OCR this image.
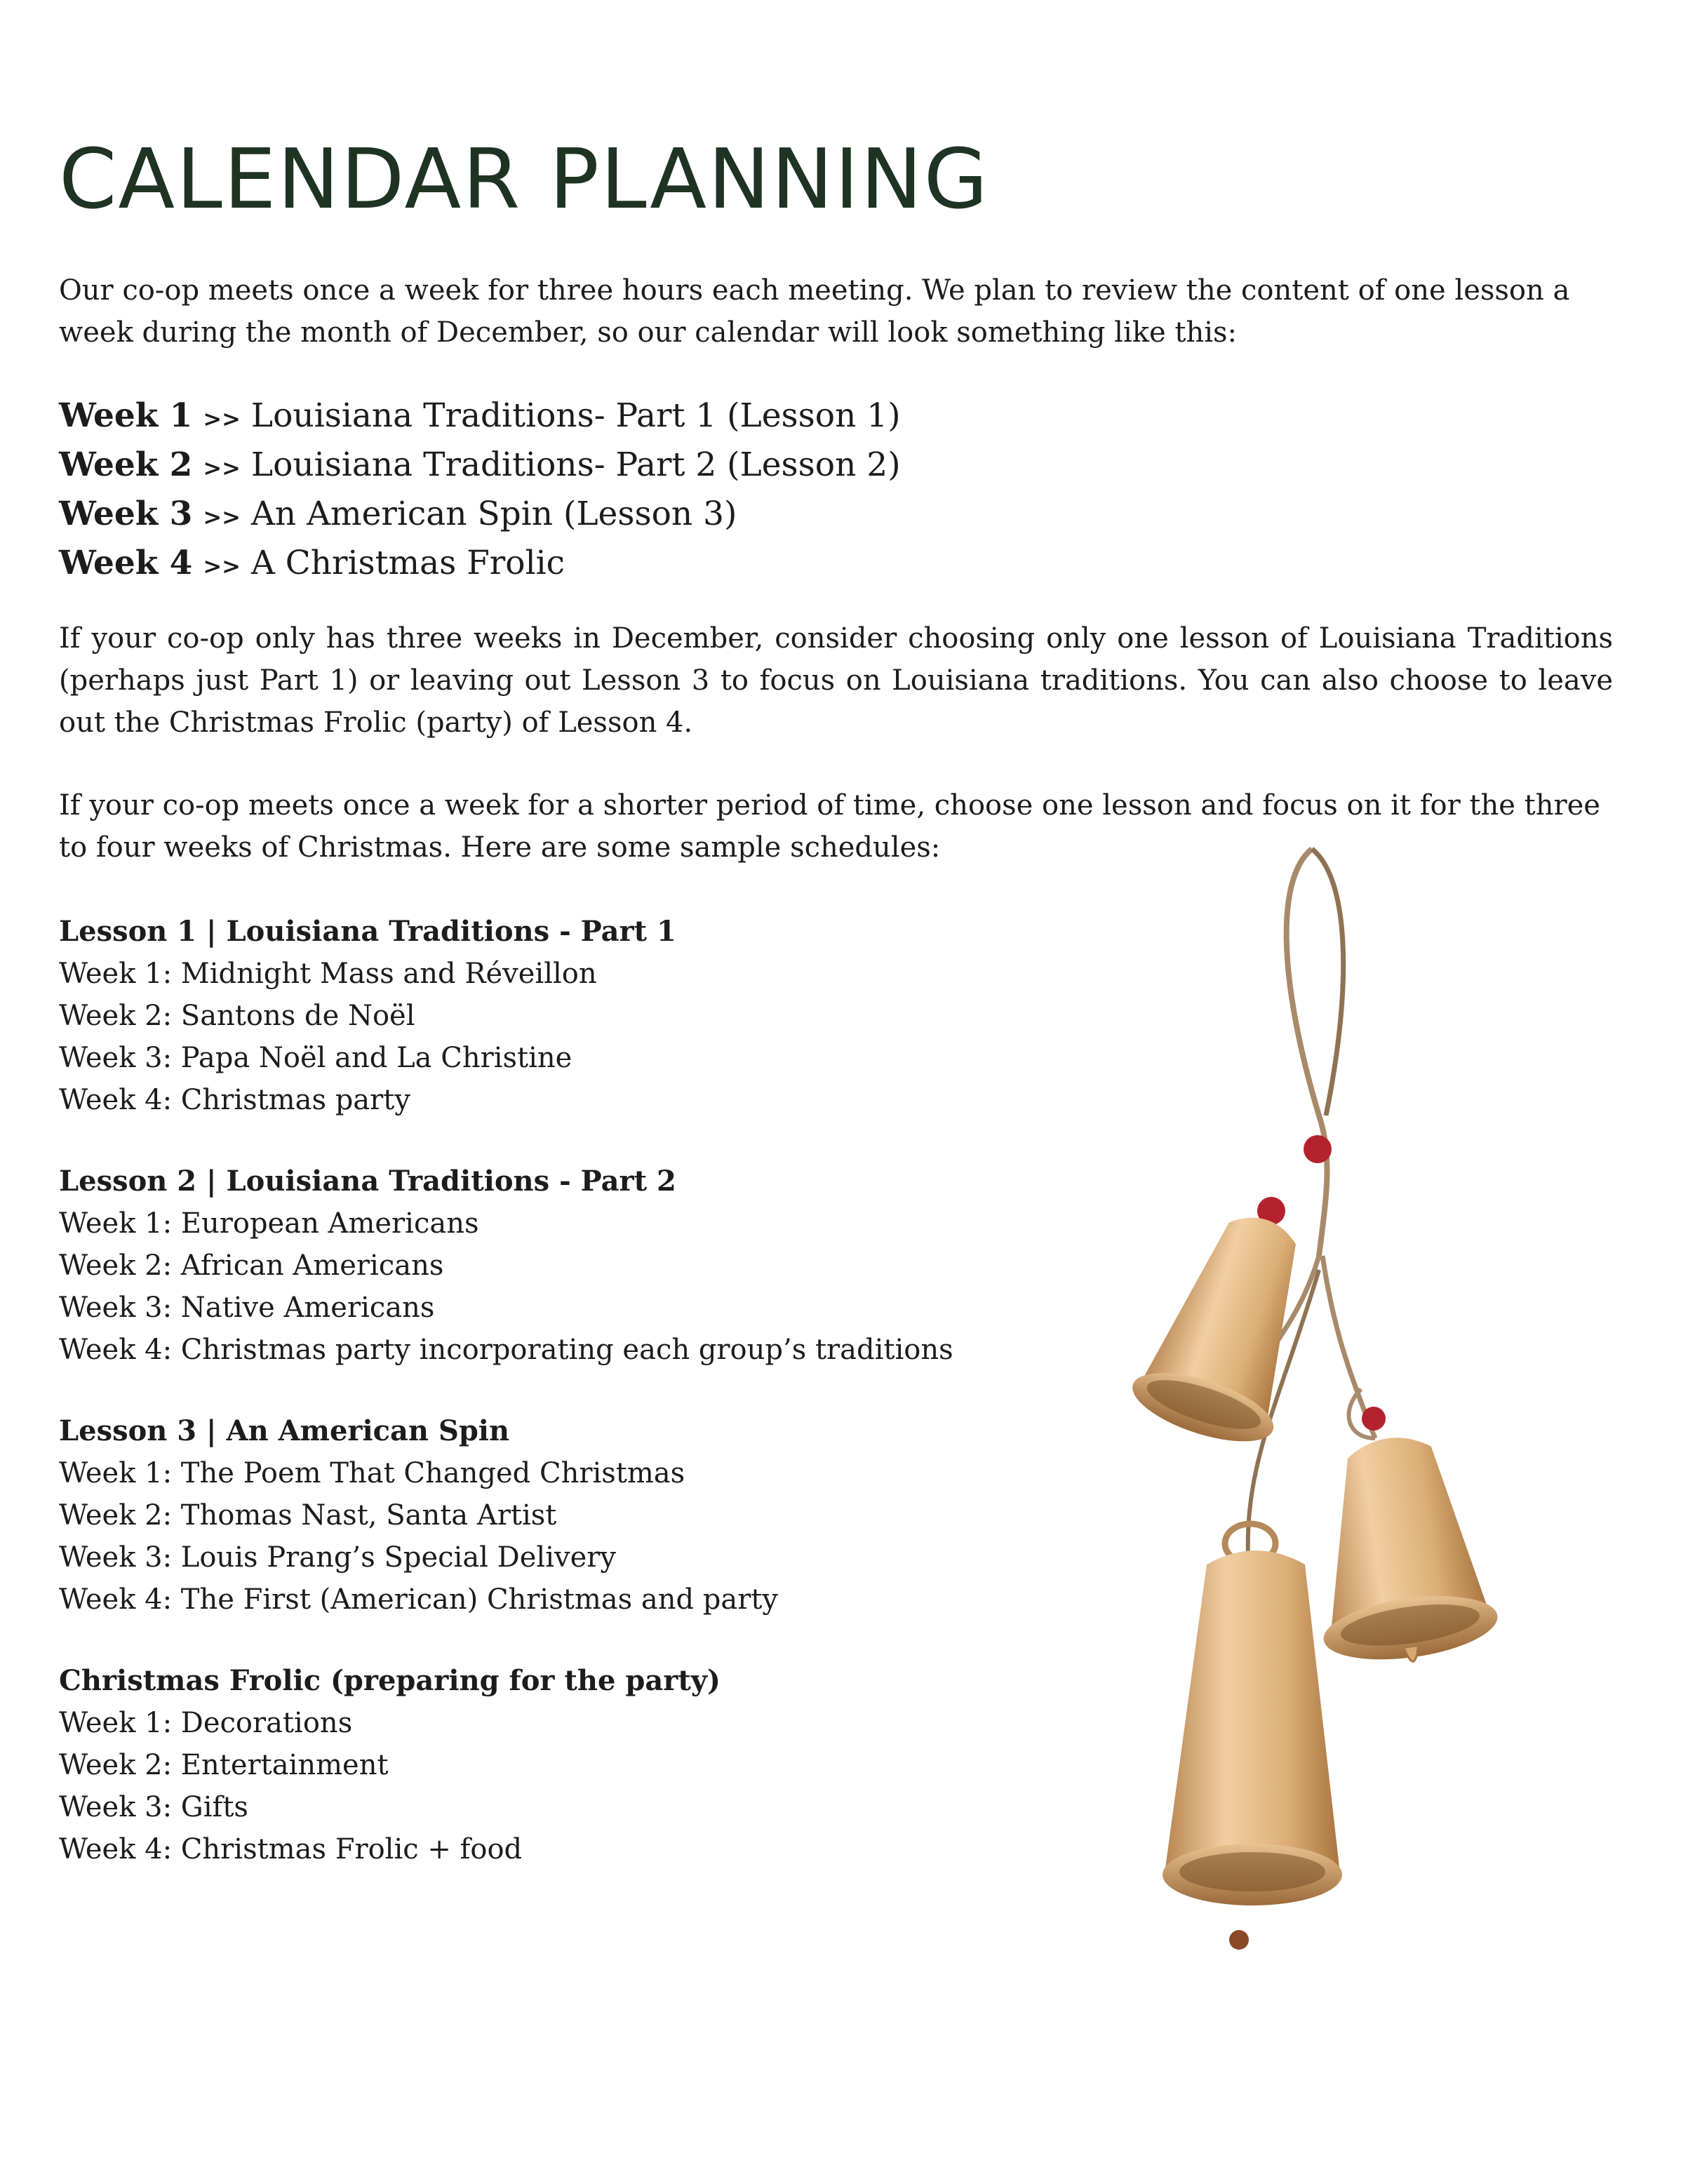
CALENDAR PLANNING

Our co-op meets once a week for three hours each meeting. We plan to review the content of one lesson a week during the month of December, so our calendar will look something like this:

Week 1 >> Louisiana Traditions- Part 1 (Lesson 1)
Week 2 >> Louisiana Traditions- Part 2 (Lesson 2)
Week 3 >> An American Spin (Lesson 3)
Week 4 >> A Christmas Frolic

If your co-op only has three weeks in December, consider choosing only one lesson of Louisiana Traditions (perhaps just Part 1) or leaving out Lesson 3 to focus on Louisiana traditions. You can also choose to leave out the Christmas Frolic (party) of Lesson 4.

If your co-op meets once a week for a shorter period of time, choose one lesson and focus on it for the three to four weeks of Christmas. Here are some sample schedules:

Lesson 1 | Louisiana Traditions - Part 1
Week 1: Midnight Mass and Réveillon
Week 2: Santons de Noël
Week 3: Papa Noël and La Christine
Week 4: Christmas party
Lesson 2 | Louisiana Traditions - Part 2
Week 1: European Americans
Week 2: African Americans
Week 3: Native Americans
Week 4: Christmas party incorporating each group’s traditions
Lesson 3 | An American Spin
Week 1: The Poem That Changed Christmas
Week 2: Thomas Nast, Santa Artist
Week 3: Louis Prang’s Special Delivery
Week 4: The First (American) Christmas and party
Christmas Frolic (preparing for the party)
Week 1: Decorations
Week 2: Entertainment
Week 3: Gifts
Week 4: Christmas Frolic + food
